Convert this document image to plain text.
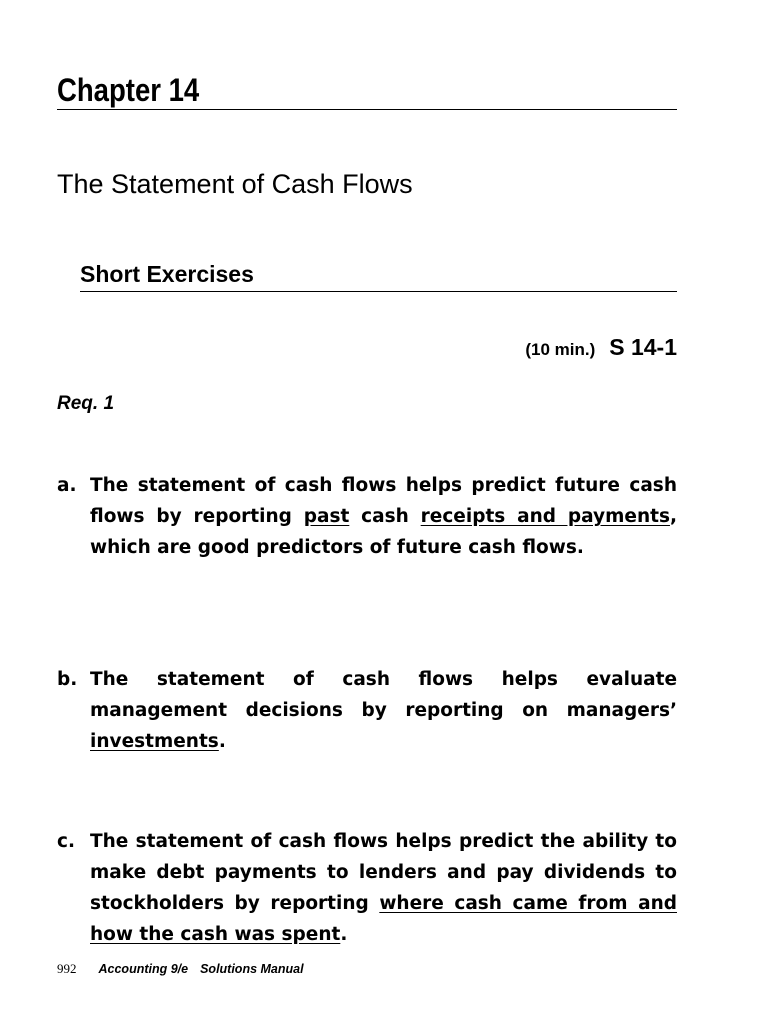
Chapter 14
The Statement of Cash Flows
Short Exercises
(10 min.) S 14-1

Req. 1

a. The statement of cash flows helps predict future cash flows by reporting past cash receipts and payments, which are good predictors of future cash flows.
b. The statement of cash flows helps evaluate management decisions by reporting on managers’ investments.
c. The statement of cash flows helps predict the ability to make debt payments to lenders and pay dividends to stockholders by reporting where cash came from and how the cash was spent.
992 Accounting 9/e Solutions Manual
